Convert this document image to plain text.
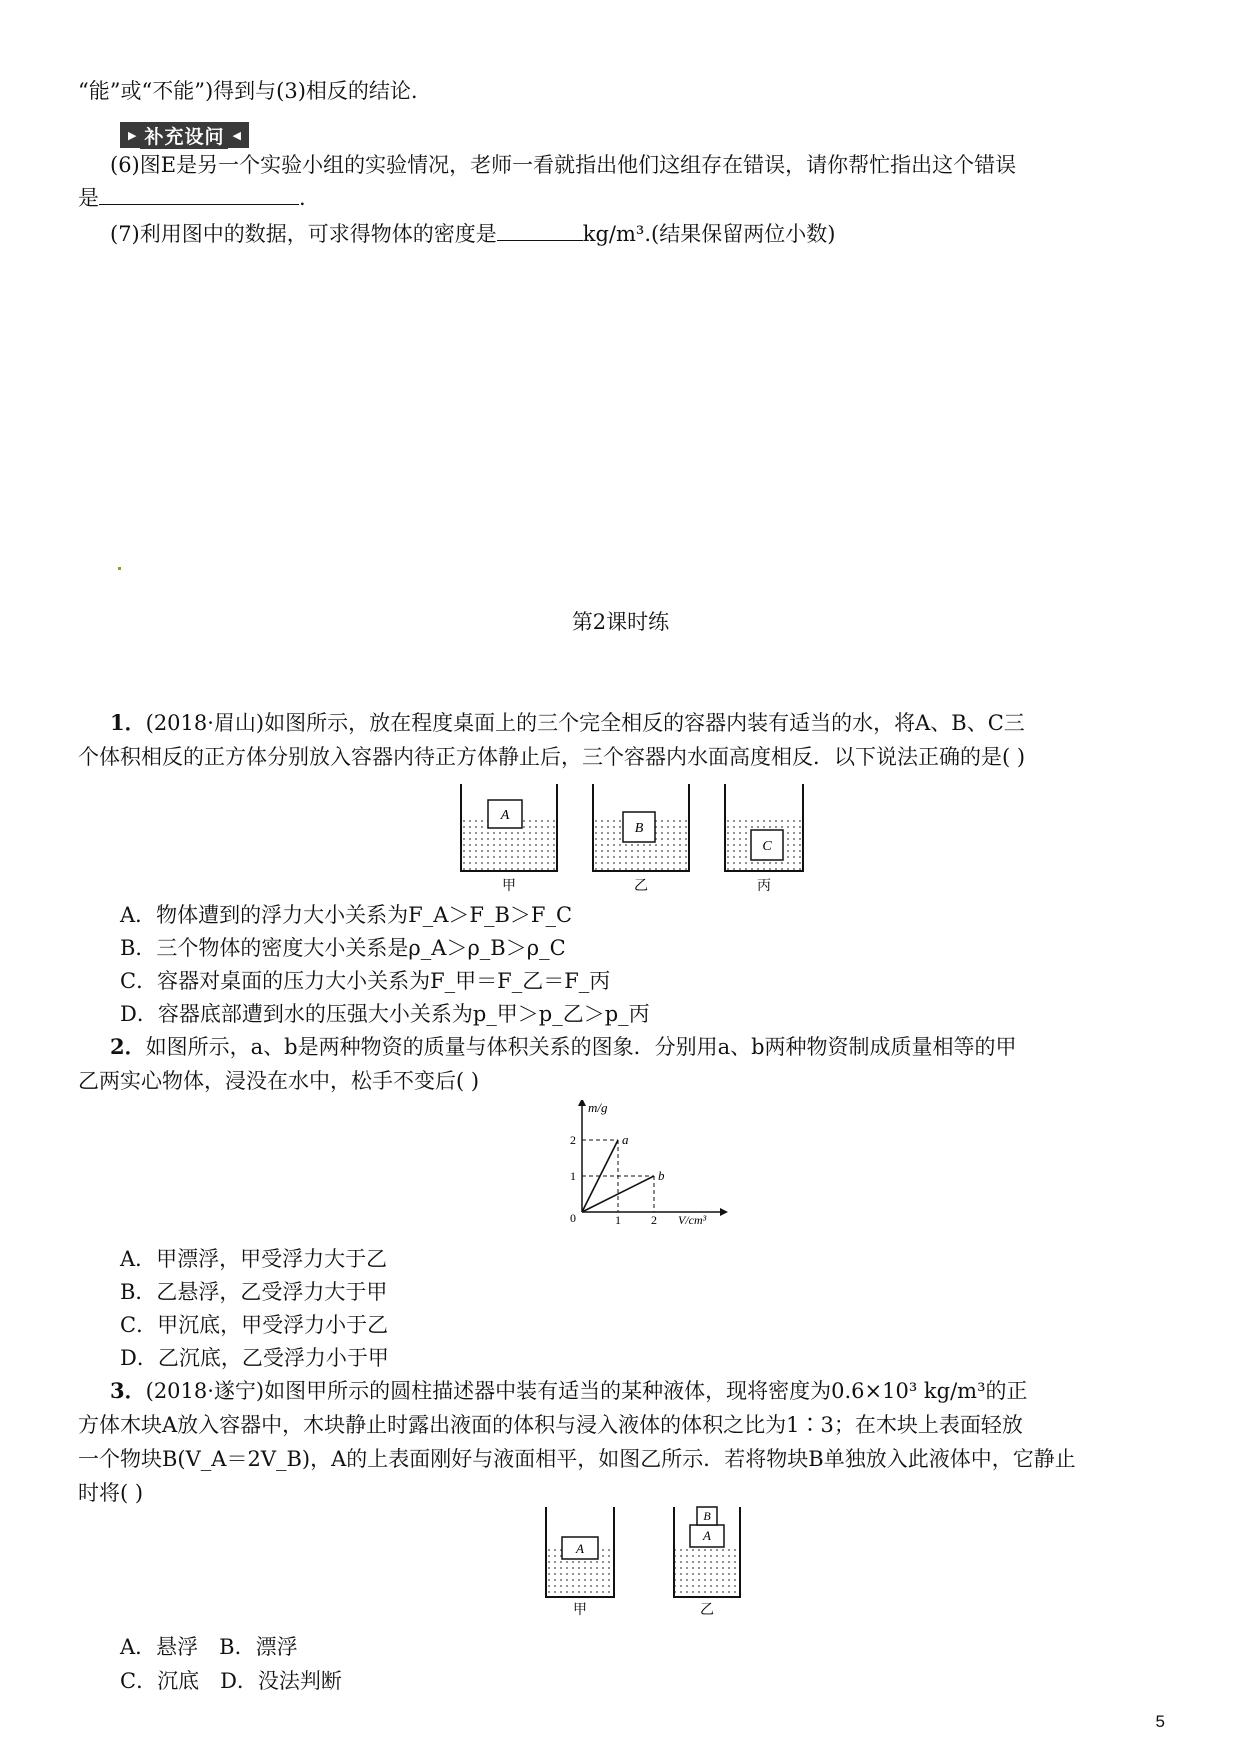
“能”或“不能”)得到与(3)相反的结论.
▶ 补充设问 ◀
(6)图E是另一个实验小组的实验情况，老师一看就指出他们这组存在错误，请你帮忙指出这个错误
是	.
(7)利用图中的数据，可求得物体的密度是	kg/m³.(结果保留两位小数)
第2课时练
1．(2018·眉山)如图所示，放在程度桌面上的三个完全相反的容器内装有适当的水，将A、B、C三
个体积相反的正方体分别放入容器内待正方体静止后，三个容器内水面高度相反．以下说法正确的是( )
A
B
C
甲	乙	丙
A．物体遭到的浮力大小关系为F_A＞F_B＞F_C
B．三个物体的密度大小关系是ρ_A＞ρ_B＞ρ_C
C．容器对桌面的压力大小关系为F_甲＝F_乙＝F_丙
D．容器底部遭到水的压强大小关系为p_甲＞p_乙＞p_丙
2．如图所示，a、b是两种物资的质量与体积关系的图象．分别用a、b两种物资制成质量相等的甲
乙两实心物体，浸没在水中，松手不变后( )
m/g
V/cm³
0
a
b
1	2
1
2
A．甲漂浮，甲受浮力大于乙
B．乙悬浮，乙受浮力大于甲
C．甲沉底，甲受浮力小于乙
D．乙沉底，乙受浮力小于甲
3．(2018·遂宁)如图甲所示的圆柱描述器中装有适当的某种液体，现将密度为0.6×10³ kg/m³的正
方体木块A放入容器中，木块静止时露出液面的体积与浸入液体的体积之比为1∶3；在木块上表面轻放
一个物块B(V_A＝2V_B)，A的上表面刚好与液面相平，如图乙所示．若将物块B单独放入此液体中，它静止
时将( )
A
A
B
甲	乙
A．悬浮　B．漂浮
C．沉底　D．没法判断
5
